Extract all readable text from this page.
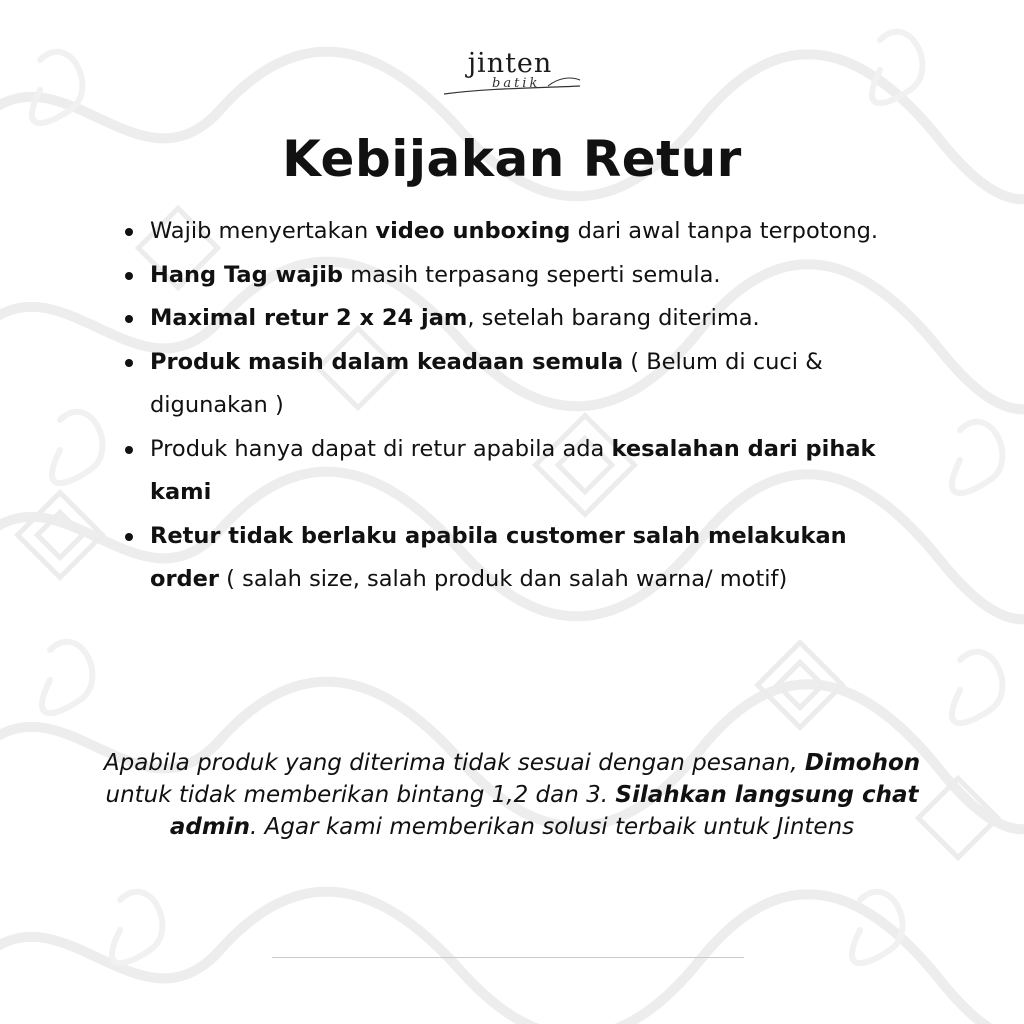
jinten
batik
Kebijakan Retur
Wajib menyertakan video unboxing dari awal tanpa terpotong.
Hang Tag wajib masih terpasang seperti semula.
Maximal retur 2 x 24 jam, setelah barang diterima.
Produk masih dalam keadaan semula ( Belum di cuci & digunakan )
Produk hanya dapat di retur apabila ada kesalahan dari pihak kami
Retur tidak berlaku apabila customer salah melakukan order ( salah size, salah produk dan salah warna/ motif)
Apabila produk yang diterima tidak sesuai dengan pesanan, Dimohon untuk tidak memberikan bintang 1,2 dan 3. Silahkan langsung chat admin. Agar kami memberikan solusi terbaik untuk Jintens
